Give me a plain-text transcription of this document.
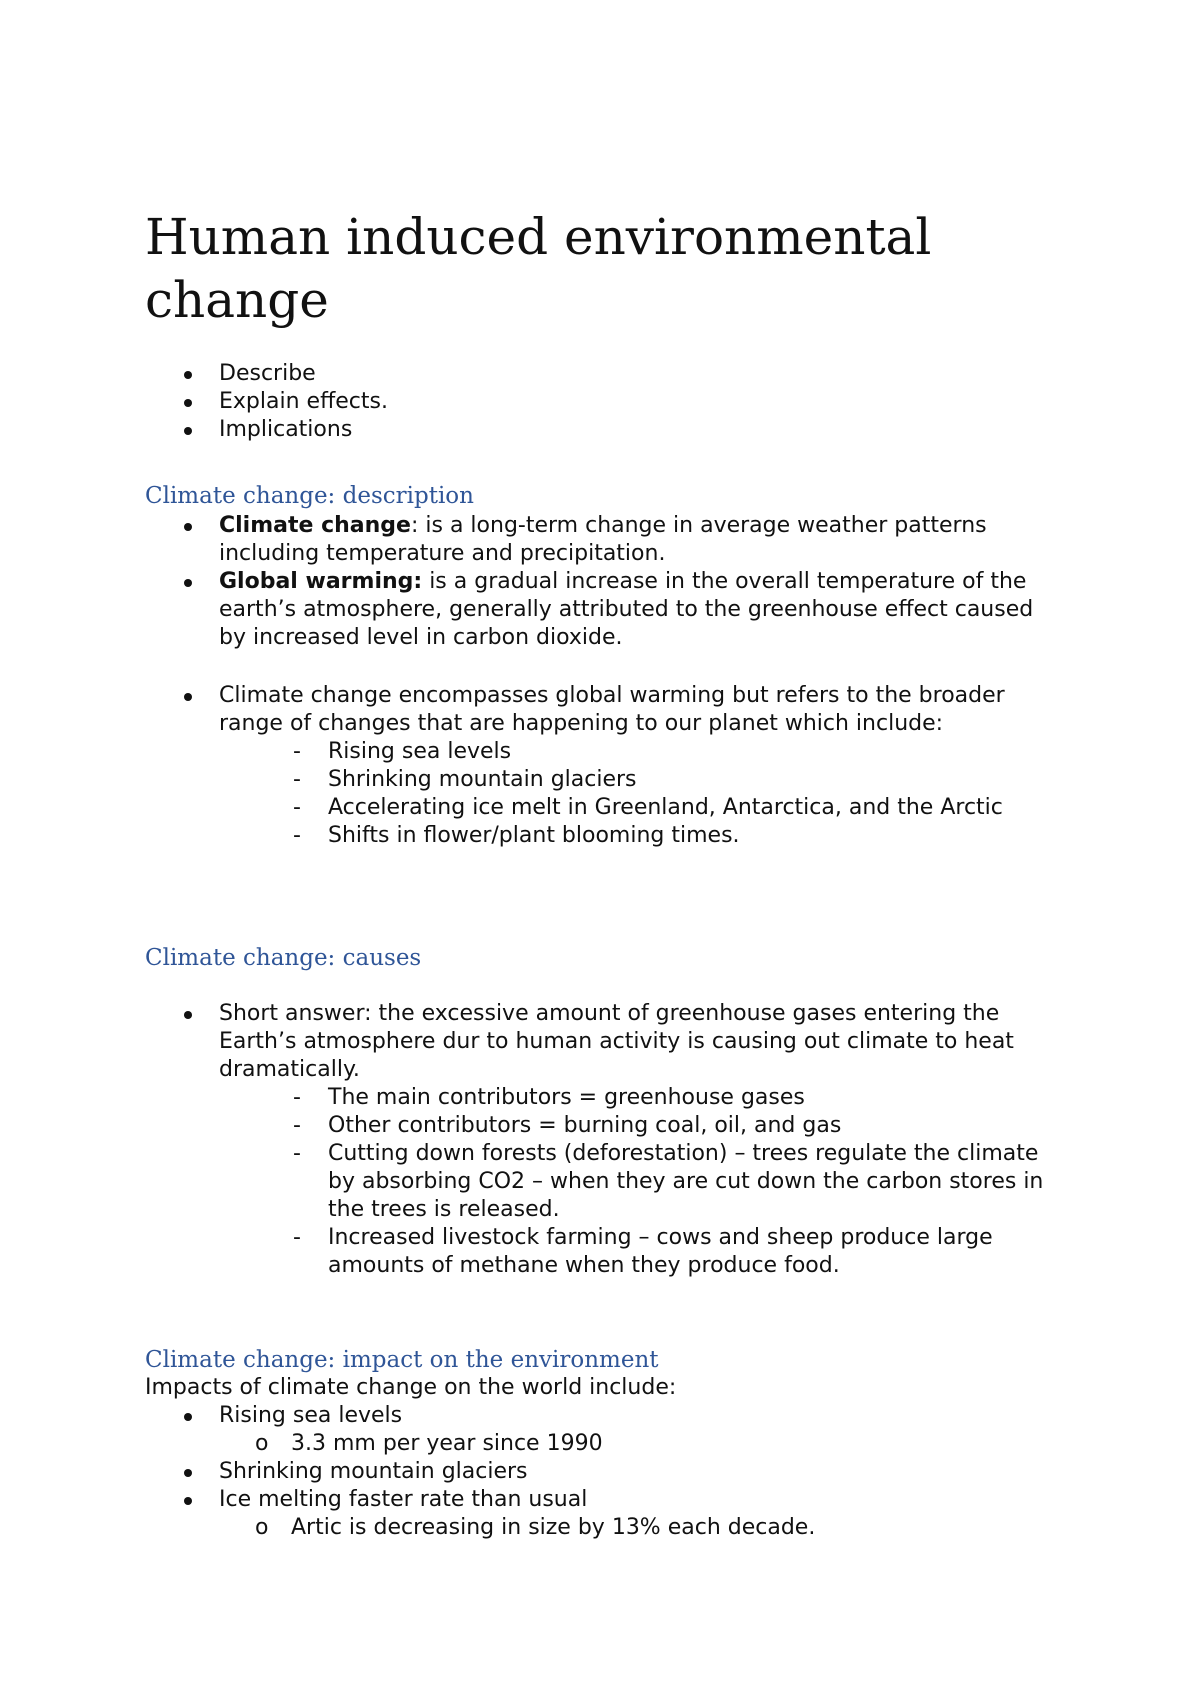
Human induced environmental change
Describe
Explain effects.
Implications
Climate change: description
Climate change: is a long-term change in average weather patterns including temperature and precipitation.
Global warming: is a gradual increase in the overall temperature of the earth’s atmosphere, generally attributed to the greenhouse effect caused by increased level in carbon dioxide.
Climate change encompasses global warming but refers to the broader range of changes that are happening to our planet which include:
- Rising sea levels
- Shrinking mountain glaciers
- Accelerating ice melt in Greenland, Antarctica, and the Arctic
- Shifts in flower/plant blooming times.
Climate change: causes
Short answer: the excessive amount of greenhouse gases entering the Earth’s atmosphere dur to human activity is causing out climate to heat dramatically.
- The main contributors = greenhouse gases
- Other contributors = burning coal, oil, and gas
- Cutting down forests (deforestation) – trees regulate the climate by absorbing CO2 – when they are cut down the carbon stores in the trees is released.
- Increased livestock farming – cows and sheep produce large amounts of methane when they produce food.
Climate change: impact on the environment
Impacts of climate change on the world include:
Rising sea levels
o 3.3 mm per year since 1990
Shrinking mountain glaciers
Ice melting faster rate than usual
o Artic is decreasing in size by 13% each decade.
